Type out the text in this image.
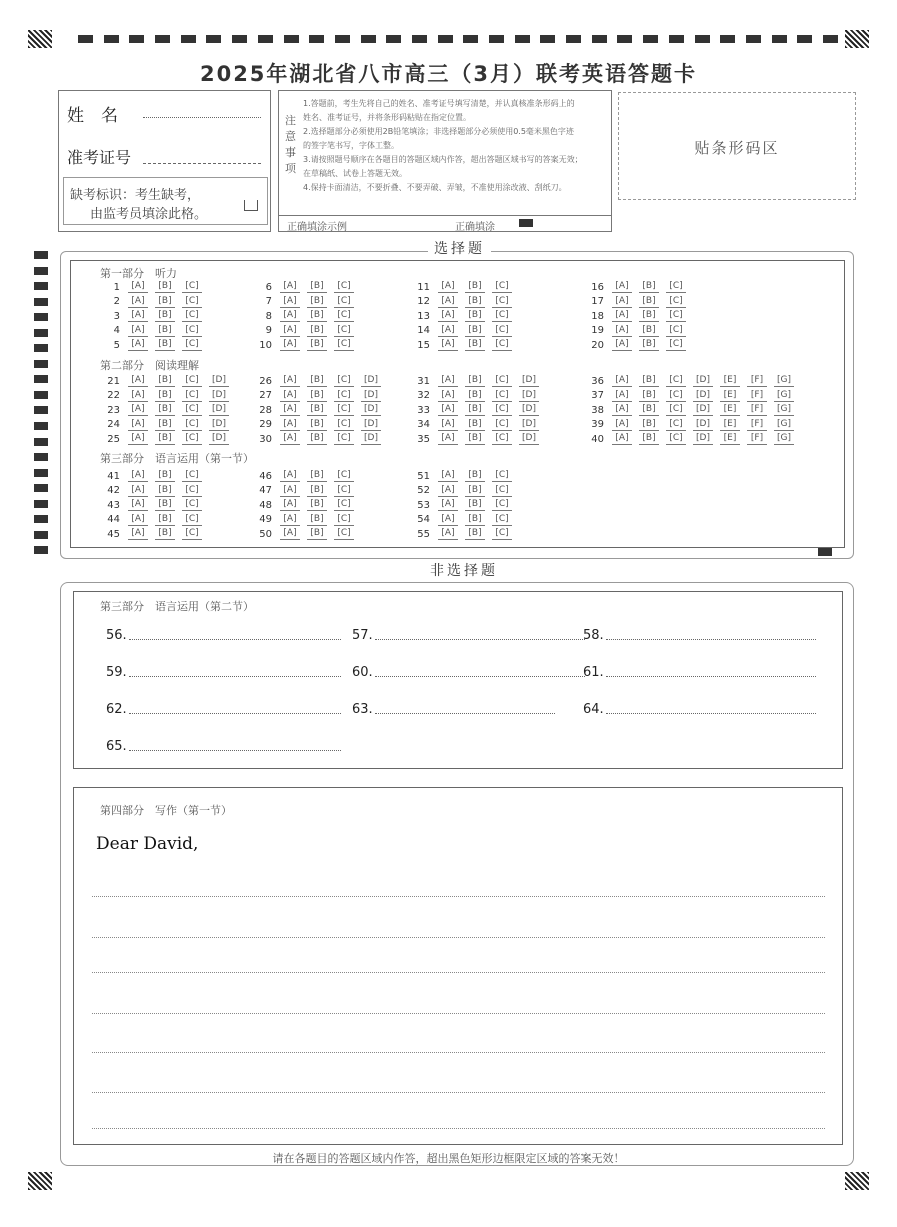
2025年湖北省八市高三（3月）联考英语答题卡
姓　名
准考证号
缺考标识：考生缺考，
由监考员填涂此格。
注意事项
1.答题前，考生先将自己的姓名、准考证号填写清楚，并认真核准条形码上的
姓名、准考证号，并将条形码粘贴在指定位置。
2.选择题部分必须使用2B铅笔填涂；非选择题部分必须使用0.5毫米黑色字迹
的签字笔书写，字体工整。
3.请按照题号顺序在各题目的答题区域内作答，超出答题区域书写的答案无效；
在草稿纸、试卷上答题无效。
4.保持卡面清洁，不要折叠、不要弄破、弄皱，不准使用涂改液、刮纸刀。
正确填涂示例	正确填涂
贴条形码区
选择题
第一部分　听力
第二部分　阅读理解
第三部分　语言运用（第一节）
1	[A]	[B]	[C]
2	[A]	[B]	[C]
3	[A]	[B]	[C]
4	[A]	[B]	[C]
5	[A]	[B]	[C]
6	[A]	[B]	[C]
7	[A]	[B]	[C]
8	[A]	[B]	[C]
9	[A]	[B]	[C]
10	[A]	[B]	[C]
11	[A]	[B]	[C]
12	[A]	[B]	[C]
13	[A]	[B]	[C]
14	[A]	[B]	[C]
15	[A]	[B]	[C]
16	[A]	[B]	[C]
17	[A]	[B]	[C]
18	[A]	[B]	[C]
19	[A]	[B]	[C]
20	[A]	[B]	[C]
21	[A]	[B]	[C]	[D]
22	[A]	[B]	[C]	[D]
23	[A]	[B]	[C]	[D]
24	[A]	[B]	[C]	[D]
25	[A]	[B]	[C]	[D]
26	[A]	[B]	[C]	[D]
27	[A]	[B]	[C]	[D]
28	[A]	[B]	[C]	[D]
29	[A]	[B]	[C]	[D]
30	[A]	[B]	[C]	[D]
31	[A]	[B]	[C]	[D]
32	[A]	[B]	[C]	[D]
33	[A]	[B]	[C]	[D]
34	[A]	[B]	[C]	[D]
35	[A]	[B]	[C]	[D]
36	[A]	[B]	[C]	[D]	[E]	[F]	[G]
37	[A]	[B]	[C]	[D]	[E]	[F]	[G]
38	[A]	[B]	[C]	[D]	[E]	[F]	[G]
39	[A]	[B]	[C]	[D]	[E]	[F]	[G]
40	[A]	[B]	[C]	[D]	[E]	[F]	[G]
41	[A]	[B]	[C]
42	[A]	[B]	[C]
43	[A]	[B]	[C]
44	[A]	[B]	[C]
45	[A]	[B]	[C]
46	[A]	[B]	[C]
47	[A]	[B]	[C]
48	[A]	[B]	[C]
49	[A]	[B]	[C]
50	[A]	[B]	[C]
51	[A]	[B]	[C]
52	[A]	[B]	[C]
53	[A]	[B]	[C]
54	[A]	[B]	[C]
55	[A]	[B]	[C]
非选择题
第三部分　语言运用（第二节）
56.	57.	58.
59.	60.	61.
62.	63.	64.
65.
第四部分　写作（第一节）
Dear David,
请在各题目的答题区域内作答，超出黑色矩形边框限定区域的答案无效！
